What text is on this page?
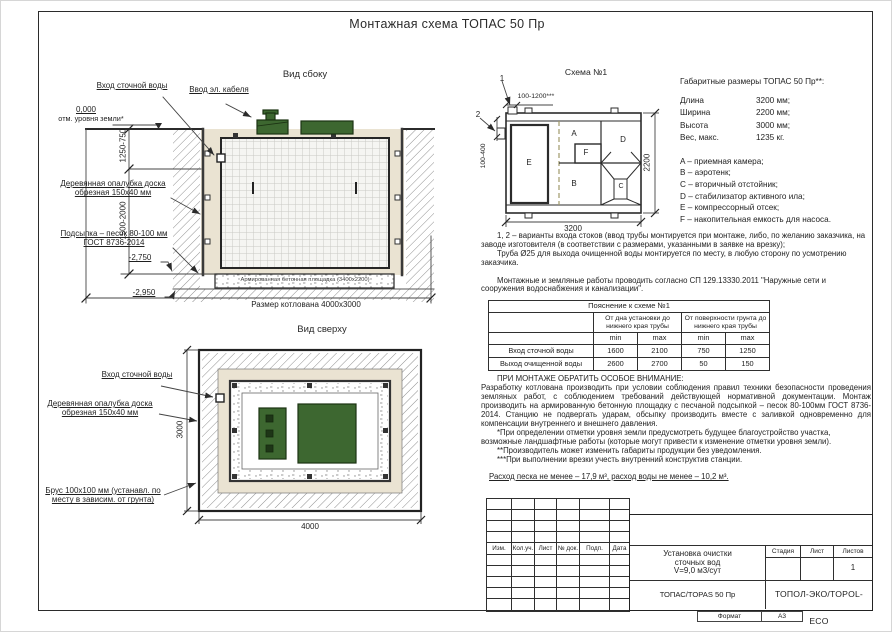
Монтажная схема ТОПАС 50 Пр
Вид сбоку
Вход сточной воды	Ввод эл. кабеля
0,000
отм. уровня земли*
1250-750
Деревянная опалубка доска обрезная 150x40 мм
1500-2000
Подсыпка – песок 80-100 мм ГОСТ 8736-2014
-2,750
-2,950
Армированная бетонная площадка (3400x2200)
Размер котлована 4000x3000
Вид сверху
Вход сточной воды
Деревянная опалубка доска обрезная 150x40 мм
Брус 100x100 мм (устанавл. по месту в зависим. от грунта)
3000
4000
Схема №1
1
2
100-1200***
100-400
3200
2200
A
B	C
D
E
F
Габаритные размеры ТОПАС 50 Пр**:
Длина	3200 мм;
Ширина	2200 мм;
Высота	3000 мм;
Вес, макс.	1235 кг.
A – приемная камера;
B – аэротенк;
C – вторичный отстойник;
D – стабилизатор активного ила;
E – компрессорный отсек;
F – накопительная емкость для насоса.

1, 2 – варианты входа стоков (ввод трубы монтируется при монтаже, либо, по желанию заказчика, на заводе изготовителя (в соответствии с размерами, указанными в заявке на врезку);

Труба Ø25 для выхода очищенной воды монтируется по месту, в любую сторону по усмотрению заказчика.

Монтажные и земляные работы проводить согласно СП 129.13330.2011 "Наружные сети и сооружения водоснабжения и канализации".

Пояснение к схеме №1				
	От дна установки до нижнего края трубы		От поверхности грунта до нижнего края трубы	
	min	max	min	max
Вход сточной воды	1600	2100	750	1250
Выход очищенной воды	2600	2700	50	150

ПРИ МОНТАЖЕ ОБРАТИТЬ ОСОБОЕ ВНИМАНИЕ:

Разработку котлована производить при условии соблюдения правил техники безопасности проведения земляных работ, с соблюдением требований действующей нормативной документации. Монтаж производить на армированную бетонную площадку с песчаной подсыпкой – песок 80-100мм ГОСТ 8736-2014. Станцию не подвергать ударам, обсыпку производить вместе с заливкой одновременно для компенсации внутреннего и внешнего давления.

*При определении отметки уровня земли предусмотреть будущее благоустройство участка, возможные ландшафтные работы (которые могут привести к изменение отметки уровня земли).

**Производитель может изменить габариты продукции без уведомления.

***При выполнении врезки учесть внутренний конструктив станции.

Расход песка не менее – 17,9 м³, расход воды не менее – 10,2 м³.

Изм.	Кол.уч.	Лист	№ док.	Подп.	Дата

Установка очистки
сточных вод
V=9,0 м3/сут
Стадия	Лист	Листов
1
ТОПАС/TOPAS 50 Пр	ТОПОЛ-ЭКО/TOPOL-ECO
Формат	А3
